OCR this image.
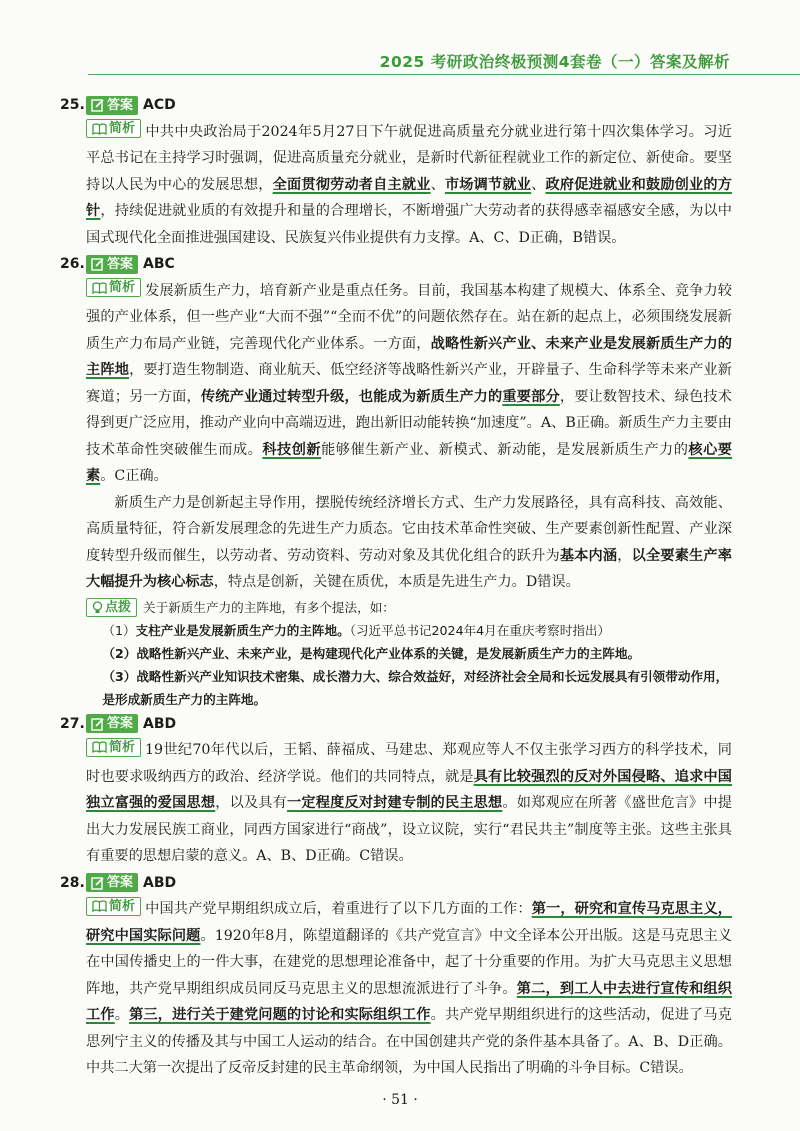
2025 考研政治终极预测4套卷（一）答案及解析
25. 答案 ACD

简析 中共中央政治局于2024年5月27日下午就促进高质量充分就业进行第十四次集体学习。习近平总书记在主持学习时强调，促进高质量充分就业，是新时代新征程就业工作的新定位、新使命。要坚持以人民为中心的发展思想，全面贯彻劳动者自主就业、市场调节就业、政府促进就业和鼓励创业的方针，持续促进就业质的有效提升和量的合理增长，不断增强广大劳动者的获得感幸福感安全感，为以中国式现代化全面推进强国建设、民族复兴伟业提供有力支撑。A、C、D正确，B错误。

26. 答案 ABC

简析 发展新质生产力，培育新产业是重点任务。目前，我国基本构建了规模大、体系全、竞争力较强的产业体系，但一些产业“大而不强”“全而不优”的问题依然存在。站在新的起点上，必须围绕发展新质生产力布局产业链，完善现代化产业体系。一方面，战略性新兴产业、未来产业是发展新质生产力的主阵地，要打造生物制造、商业航天、低空经济等战略性新兴产业，开辟量子、生命科学等未来产业新赛道；另一方面，传统产业通过转型升级，也能成为新质生产力的重要部分，要让数智技术、绿色技术得到更广泛应用，推动产业向中高端迈进，跑出新旧动能转换“加速度”。A、B正确。新质生产力主要由技术革命性突破催生而成。科技创新能够催生新产业、新模式、新动能，是发展新质生产力的核心要素。C正确。

新质生产力是创新起主导作用，摆脱传统经济增长方式、生产力发展路径，具有高科技、高效能、高质量特征，符合新发展理念的先进生产力质态。它由技术革命性突破、生产要素创新性配置、产业深度转型升级而催生，以劳动者、劳动资料、劳动对象及其优化组合的跃升为基本内涵，以全要素生产率大幅提升为核心标志，特点是创新，关键在质优，本质是先进生产力。D错误。

点拨 关于新质生产力的主阵地，有多个提法，如：
（1）支柱产业是发展新质生产力的主阵地。（习近平总书记2024年4月在重庆考察时指出）
（2）战略性新兴产业、未来产业，是构建现代化产业体系的关键，是发展新质生产力的主阵地。
（3）战略性新兴产业知识技术密集、成长潜力大、综合效益好，对经济社会全局和长远发展具有引领带动作用，是形成新质生产力的主阵地。
27. 答案 ABD

简析 19世纪70年代以后，王韬、薛福成、马建忠、郑观应等人不仅主张学习西方的科学技术，同时也要求吸纳西方的政治、经济学说。他们的共同特点，就是具有比较强烈的反对外国侵略、追求中国独立富强的爱国思想，以及具有一定程度反对封建专制的民主思想。如郑观应在所著《盛世危言》中提出大力发展民族工商业，同西方国家进行“商战”，设立议院，实行“君民共主”制度等主张。这些主张具有重要的思想启蒙的意义。A、B、D正确。C错误。

28. 答案 ABD

简析 中国共产党早期组织成立后，着重进行了以下几方面的工作：第一，研究和宣传马克思主义，研究中国实际问题。1920年8月，陈望道翻译的《共产党宣言》中文全译本公开出版。这是马克思主义在中国传播史上的一件大事，在建党的思想理论准备中，起了十分重要的作用。为扩大马克思主义思想阵地，共产党早期组织成员同反马克思主义的思想流派进行了斗争。第二，到工人中去进行宣传和组织工作。第三，进行关于建党问题的讨论和实际组织工作。共产党早期组织进行的这些活动，促进了马克思列宁主义的传播及其与中国工人运动的结合。在中国创建共产党的条件基本具备了。A、B、D正确。中共二大第一次提出了反帝反封建的民主革命纲领，为中国人民指出了明确的斗争目标。C错误。

· 51 ·
